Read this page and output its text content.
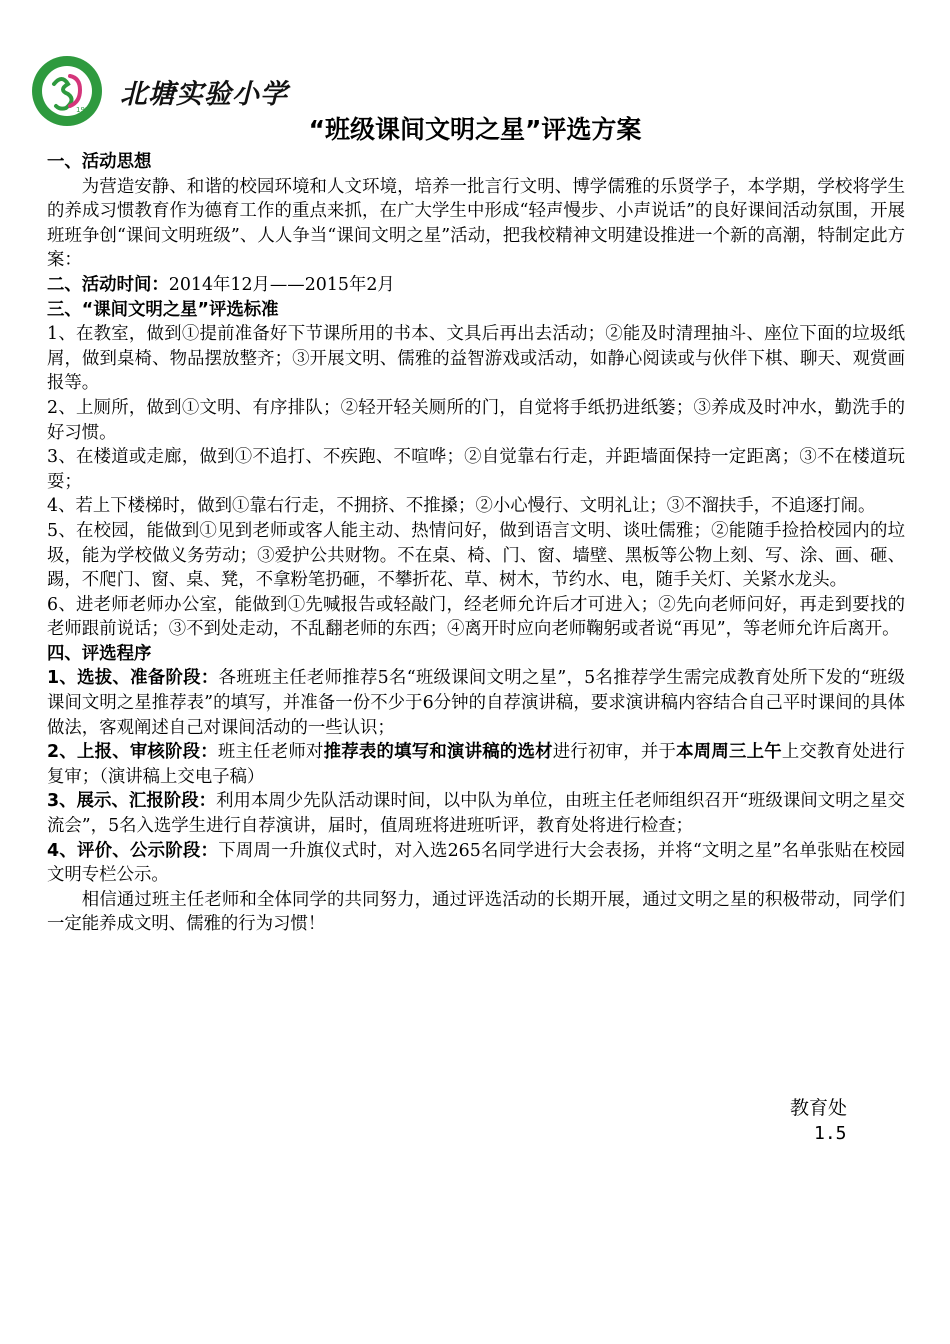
1958 北塘实验小学
“班级课间文明之星”评选方案

一、活动思想

为营造安静、和谐的校园环境和人文环境，培养一批言行文明、博学儒雅的乐贤学子，本学期，学校将学生的养成习惯教育作为德育工作的重点来抓，在广大学生中形成“轻声慢步、小声说话”的良好课间活动氛围，开展班班争创“课间文明班级”、人人争当“课间文明之星”活动，把我校精神文明建设推进一个新的高潮，特制定此方案：

二、活动时间：2014年12月——2015年2月

三、“课间文明之星”评选标准

1、在教室，做到①提前准备好下节课所用的书本、文具后再出去活动；②能及时清理抽斗、座位下面的垃圾纸屑，做到桌椅、物品摆放整齐；③开展文明、儒雅的益智游戏或活动，如静心阅读或与伙伴下棋、聊天、观赏画报等。

2、上厕所，做到①文明、有序排队；②轻开轻关厕所的门，自觉将手纸扔进纸篓；③养成及时冲水，勤洗手的好习惯。

3、在楼道或走廊，做到①不追打、不疾跑、不喧哗；②自觉靠右行走，并距墙面保持一定距离；③不在楼道玩耍；

4、若上下楼梯时，做到①靠右行走，不拥挤、不推搡；②小心慢行、文明礼让；③不溜扶手，不追逐打闹。

5、在校园，能做到①见到老师或客人能主动、热情问好，做到语言文明、谈吐儒雅；②能随手捡拾校园内的垃圾，能为学校做义务劳动；③爱护公共财物。不在桌、椅、门、窗、墙壁、黑板等公物上刻、写、涂、画、砸、踢，不爬门、窗、桌、凳，不拿粉笔扔砸，不攀折花、草、树木，节约水、电，随手关灯、关紧水龙头。

6、进老师老师办公室，能做到①先喊报告或轻敲门，经老师允许后才可进入；②先向老师问好，再走到要找的老师跟前说话；③不到处走动，不乱翻老师的东西；④离开时应向老师鞠躬或者说“再见”，等老师允许后离开。

四、评选程序

1、选拔、准备阶段：各班班主任老师推荐5名“班级课间文明之星”，5名推荐学生需完成教育处所下发的“班级课间文明之星推荐表”的填写，并准备一份不少于6分钟的自荐演讲稿，要求演讲稿内容结合自己平时课间的具体做法，客观阐述自己对课间活动的一些认识；

2、上报、审核阶段：班主任老师对推荐表的填写和演讲稿的选材进行初审，并于本周周三上午上交教育处进行复审；（演讲稿上交电子稿）

3、展示、汇报阶段：利用本周少先队活动课时间，以中队为单位，由班主任老师组织召开“班级课间文明之星交流会”，5名入选学生进行自荐演讲，届时，值周班将进班听评，教育处将进行检查；

4、评价、公示阶段：下周周一升旗仪式时，对入选265名同学进行大会表扬，并将“文明之星”名单张贴在校园文明专栏公示。

相信通过班主任老师和全体同学的共同努力，通过评选活动的长期开展，通过文明之星的积极带动，同学们一定能养成文明、儒雅的行为习惯！

教育处
1.5
